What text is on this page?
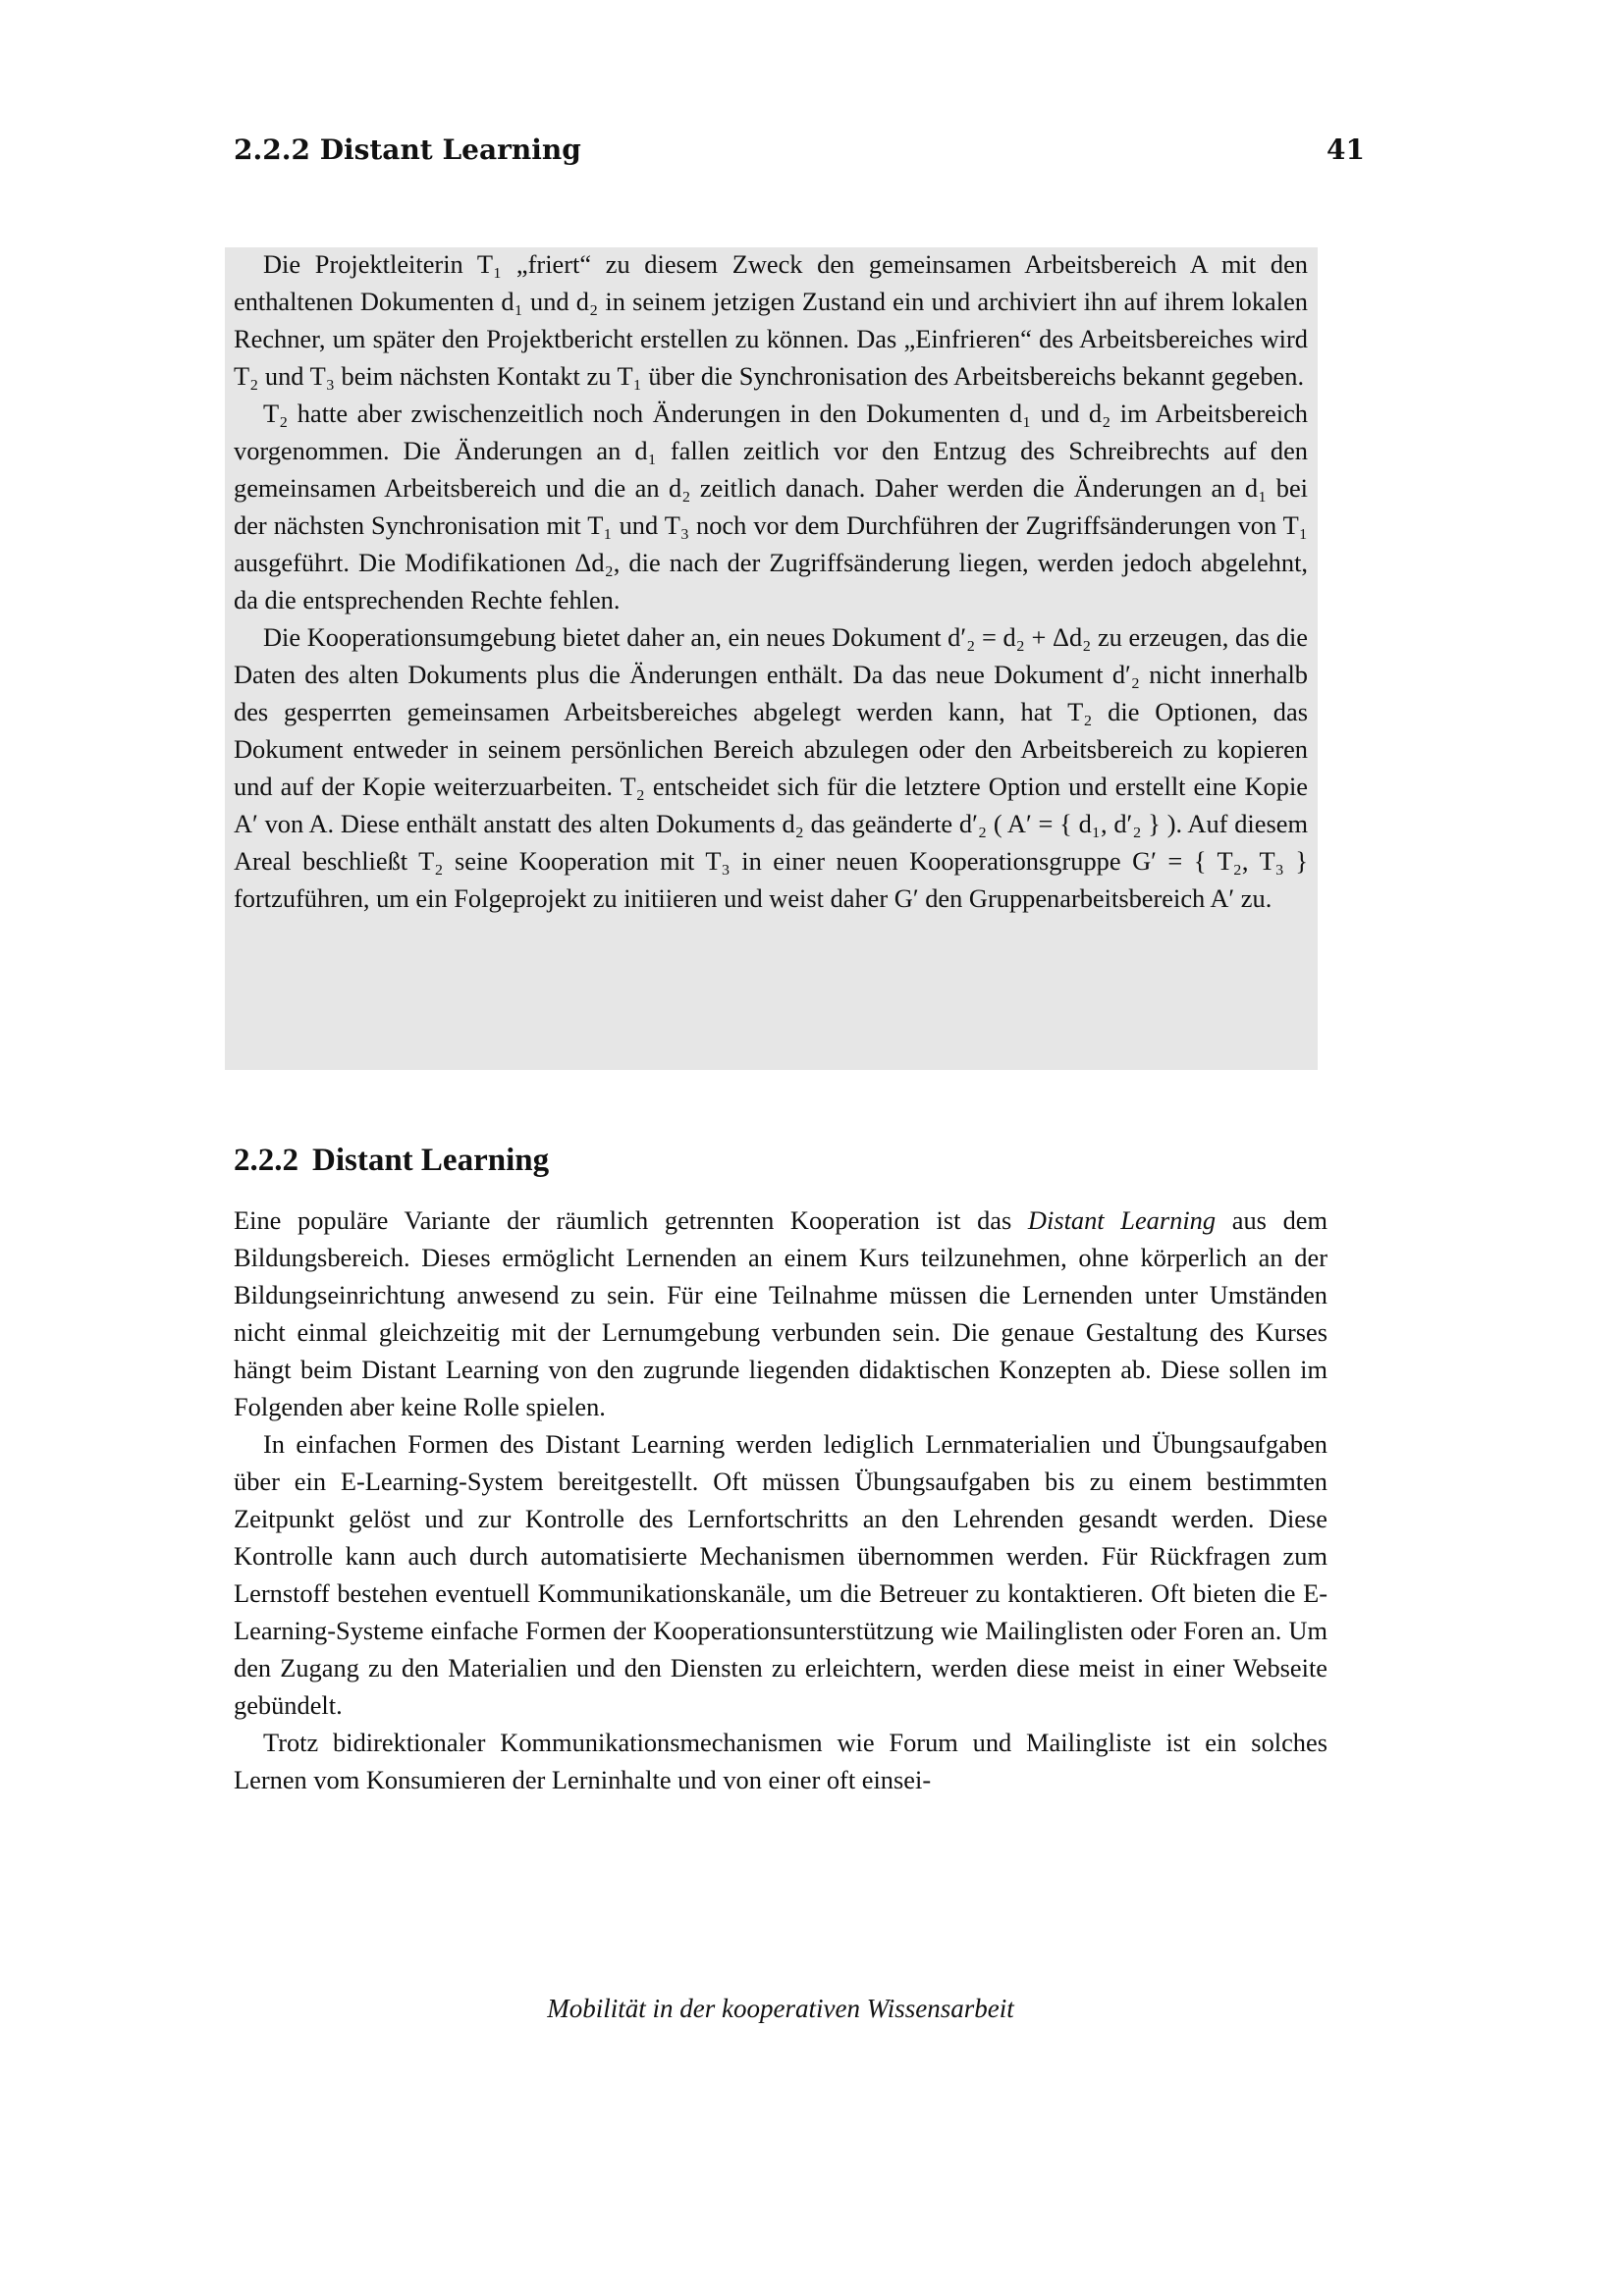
2.2.2 Distant Learning	41

Die Projektleiterin T₁ „friert“ zu diesem Zweck den gemeinsamen Arbeitsbereich A mit den enthaltenen Dokumenten d₁ und d₂ in seinem jetzigen Zustand ein und archiviert ihn auf ihrem lokalen Rechner, um später den Projektbericht erstellen zu können. Das „Einfrieren“ des Arbeitsbereiches wird T₂ und T₃ beim nächsten Kontakt zu T₁ über die Synchronisation des Arbeitsbereichs bekannt gegeben.

T₂ hatte aber zwischenzeitlich noch Änderungen in den Dokumenten d₁ und d₂ im Arbeitsbereich vorgenommen. Die Änderungen an d₁ fallen zeitlich vor den Entzug des Schreibrechts auf den gemeinsamen Arbeitsbereich und die an d₂ zeitlich danach. Daher werden die Änderungen an d₁ bei der nächsten Synchronisation mit T₁ und T₃ noch vor dem Durchführen der Zugriffsänderungen von T₁ ausgeführt. Die Modifikationen Δd₂, die nach der Zugriffsänderung liegen, werden jedoch abgelehnt, da die entsprechenden Rechte fehlen.

Die Kooperationsumgebung bietet daher an, ein neues Dokument d′₂ = d₂ + Δd₂ zu erzeugen, das die Daten des alten Dokuments plus die Änderungen enthält. Da das neue Dokument d′₂ nicht innerhalb des gesperrten gemeinsamen Arbeitsbereiches abgelegt werden kann, hat T₂ die Optionen, das Dokument entweder in seinem persönlichen Bereich abzulegen oder den Arbeitsbereich zu kopieren und auf der Kopie weiterzuarbeiten. T₂ entscheidet sich für die letztere Option und erstellt eine Kopie A′ von A. Diese enthält anstatt des alten Dokuments d₂ das geänderte d′₂ ( A′ = { d₁, d′₂ } ). Auf diesem Areal beschließt T₂ seine Kooperation mit T₃ in einer neuen Kooperationsgruppe G′ = { T₂, T₃ } fortzuführen, um ein Folgeprojekt zu initiieren und weist daher G′ den Gruppenarbeitsbereich A′ zu.

2.2.2 Distant Learning

Eine populäre Variante der räumlich getrennten Kooperation ist das Distant Learning aus dem Bildungsbereich. Dieses ermöglicht Lernenden an einem Kurs teilzunehmen, ohne körperlich an der Bildungseinrichtung anwesend zu sein. Für eine Teilnahme müssen die Lernenden unter Umständen nicht einmal gleichzeitig mit der Lernumgebung verbunden sein. Die genaue Gestaltung des Kurses hängt beim Distant Learning von den zugrunde liegenden didaktischen Konzepten ab. Diese sollen im Folgenden aber keine Rolle spielen.

In einfachen Formen des Distant Learning werden lediglich Lernmaterialien und Übungsaufgaben über ein E-Learning-System bereitgestellt. Oft müssen Übungsaufgaben bis zu einem bestimmten Zeitpunkt gelöst und zur Kontrolle des Lernfortschritts an den Lehrenden gesandt werden. Diese Kontrolle kann auch durch automatisierte Mechanismen übernommen werden. Für Rückfragen zum Lernstoff bestehen eventuell Kommunikationskanäle, um die Betreuer zu kontaktieren. Oft bieten die E-Learning-Systeme einfache Formen der Kooperationsunterstützung wie Mailinglisten oder Foren an. Um den Zugang zu den Materialien und den Diensten zu erleichtern, werden diese meist in einer Webseite gebündelt.

Trotz bidirektionaler Kommunikationsmechanismen wie Forum und Mailingliste ist ein solches Lernen vom Konsumieren der Lerninhalte und von einer oft einsei-

Mobilität in der kooperativen Wissensarbeit
